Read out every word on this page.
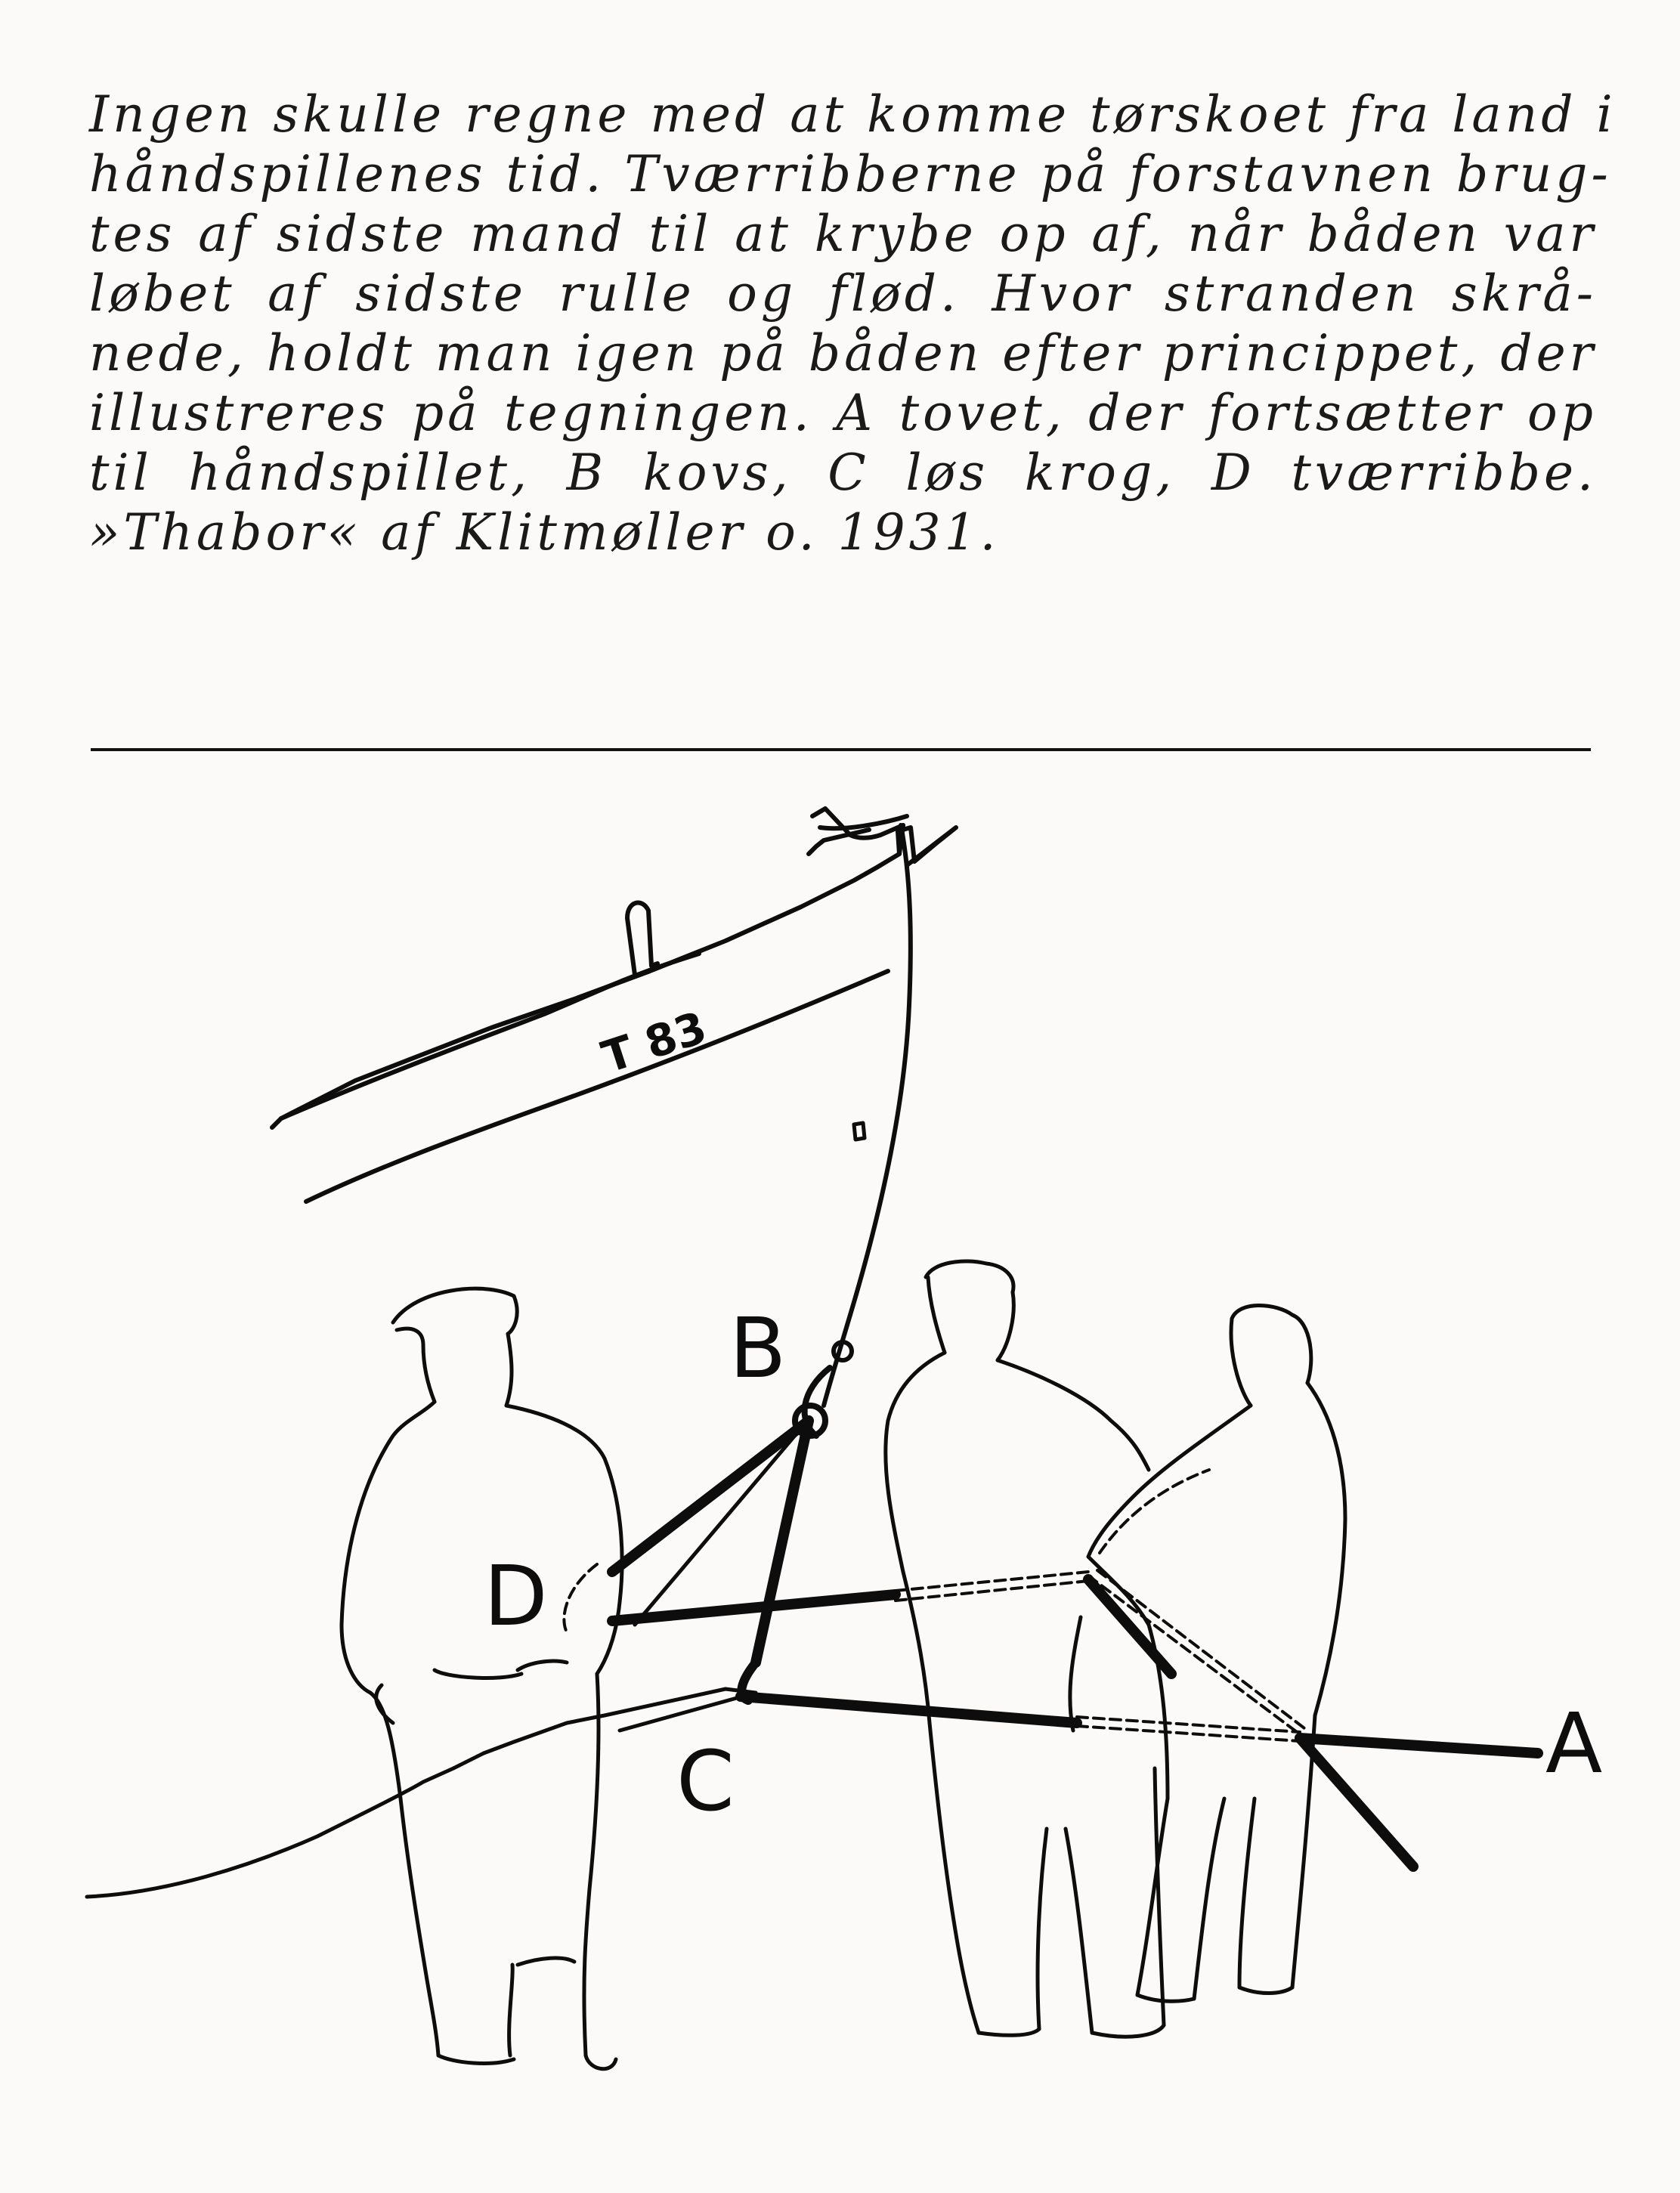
Ingen skulle regne med at komme tørskoet fra land i
håndspillenes tid. Tværribberne på forstavnen brug-
tes af sidste mand til at krybe op af, når båden var
løbet af sidste rulle og flød. Hvor stranden skrå-
nede, holdt man igen på båden efter princippet, der
illustreres på tegningen. A tovet, der fortsætter op
til håndspillet, B kovs, C løs krog, D tværribbe.
»Thabor« af Klitmøller o. 1931.
T 83
B
D
C	A
